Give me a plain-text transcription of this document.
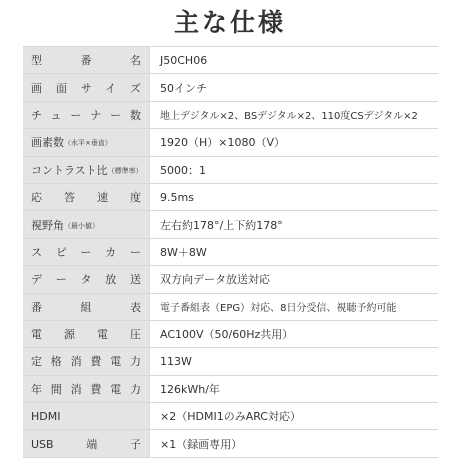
主な仕様
型番名	J50CH06

画面サイズ	50インチ

チューナー数	地上デジタル×2、BSデジタル×2、110度CSデジタル×2
画素数（水平×垂直）	1920（H）×1080（V）
コントラスト比（標準率）	5000：1

応答速度	9.5ms
視野角（最小値）	左右約178°/上下約178°

スピーカー	8W＋8W

データ放送	双方向データ放送対応

番組表	電子番組表（EPG）対応、8日分受信、視聴予約可能

電源電圧	AC100V（50/60Hz共用）

定格消費電力	113W

年間消費電力	126kWh/年

HDMI	×2（HDMI1のみARC対応）

USB端子	×1（録画専用）
